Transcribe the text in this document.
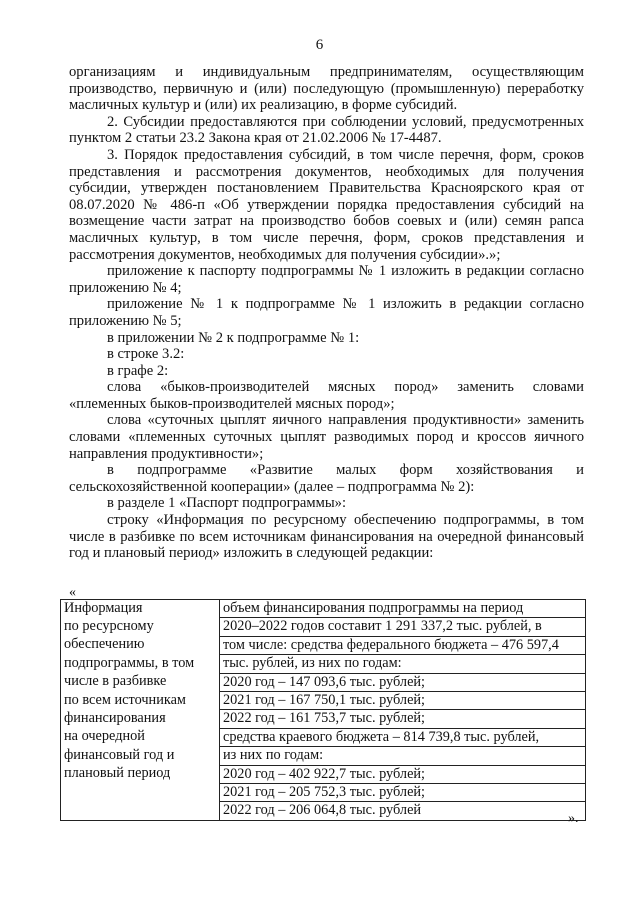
6

организациям и индивидуальным предпринимателям, осуществляющим производство, первичную и (или) последующую (промышленную) переработку масличных культур и (или) их реализацию, в форме субсидий.

2. Субсидии предоставляются при соблюдении условий, предусмотренных пунктом 2 статьи 23.2 Закона края от 21.02.2006 № 17-4487.

3. Порядок предоставления субсидий, в том числе перечня, форм, сроков представления и рассмотрения документов, необходимых для получения субсидии, утвержден постановлением Правительства Красноярского края от 08.07.2020 № 486-п «Об утверждении порядка предоставления субсидий на возмещение части затрат на производство бобов соевых и (или) семян рапса масличных культур, в том числе перечня, форм, сроков представления и рассмотрения документов, необходимых для получения субсидии».»;

приложение к паспорту подпрограммы № 1 изложить в редакции согласно приложению № 4;

приложение № 1 к подпрограмме № 1 изложить в редакции согласно приложению № 5;

в приложении № 2 к подпрограмме № 1:

в строке 3.2:

в графе 2:

слова «быков-производителей мясных пород» заменить словами «племенных быков-производителей мясных пород»;

слова «суточных цыплят яичного направления продуктивности» заменить словами «племенных суточных цыплят разводимых пород и кроссов яичного направления продуктивности»;

в подпрограмме «Развитие малых форм хозяйствования и сельскохозяйственной кооперации» (далее – подпрограмма № 2):

в разделе 1 «Паспорт подпрограммы»:

строку «Информация по ресурсному обеспечению подпрограммы, в том числе в разбивке по всем источникам финансирования на очередной финансовый год и плановый период» изложить в следующей редакции:

«
Информация	объем финансирования подпрограммы на период
по ресурсному	2020–2022 годов составит 1 291 337,2 тыс. рублей, в
обеспечению	том числе: средства федерального бюджета – 476 597,4
подпрограммы, в том	тыс. рублей, из них по годам:
числе в разбивке	2020 год – 147 093,6 тыс. рублей;
по всем источникам	2021 год – 167 750,1 тыс. рублей;
финансирования	2022 год – 161 753,7 тыс. рублей;
на очередной	средства краевого бюджета – 814 739,8 тыс. рублей,
финансовый год и	из них по годам:
плановый период	2020 год – 402 922,7 тыс. рублей;
	2021 год – 205 752,3 тыс. рублей;
	2022 год – 206 064,8 тыс. рублей
».
